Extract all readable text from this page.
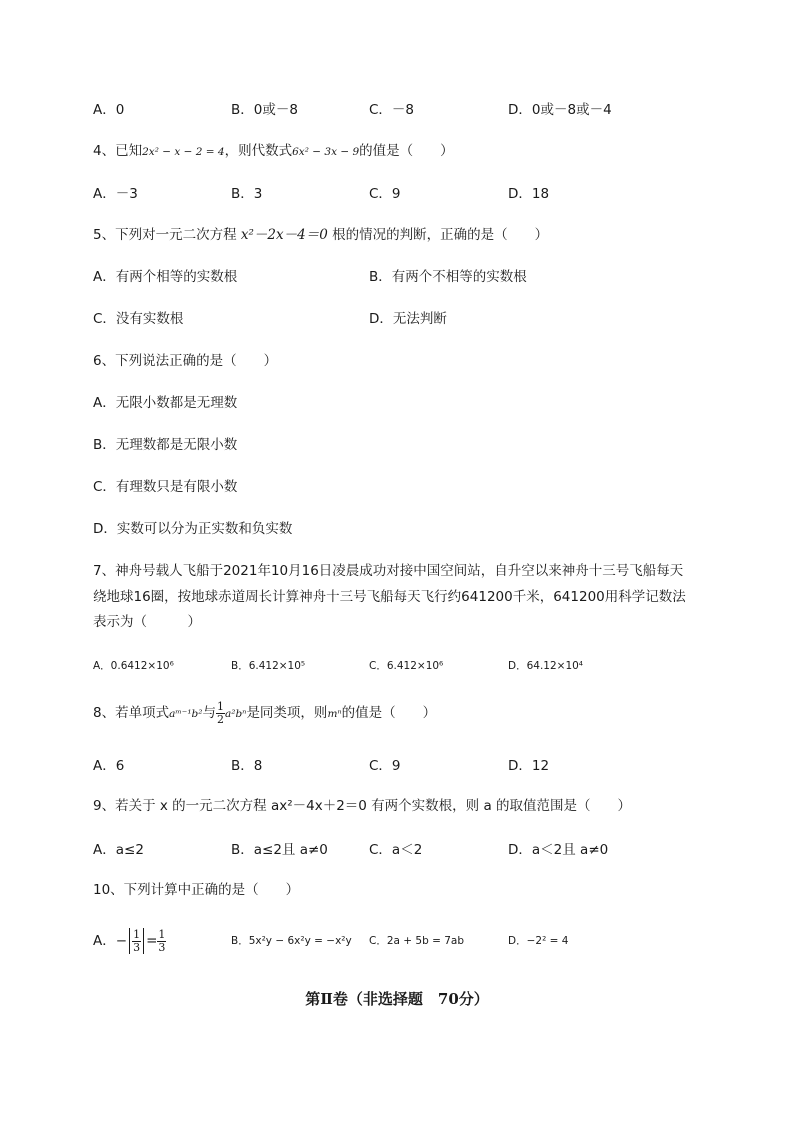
A．0	B．0或－8	C．－8	D．0或－8或－4
4、已知2x² − x − 2 = 4，则代数式6x² − 3x − 9的值是（　　）
A．－3	B．3	C．9	D．18
5、下列对一元二次方程 x²－2x－4＝0 根的情况的判断，正确的是（　　）
A．有两个相等的实数根	B．有两个不相等的实数根
C．没有实数根	D．无法判断
6、下列说法正确的是（　　）
A．无限小数都是无理数
B．无理数都是无限小数
C．有理数只是有限小数
D．实数可以分为正实数和负实数
7、神舟号载人飞船于2021年10月16日凌晨成功对接中国空间站，自升空以来神舟十三号飞船每天
绕地球16圈，按地球赤道周长计算神舟十三号飞船每天飞行约641200千米，641200用科学记数法
表示为（　　　）
A．0.6412×10⁶	B．6.412×10⁵	C．6.412×10⁶	D．64.12×10⁴
8、若单项式aᵐ⁻¹b²与 $\frac{1}{2} a^2b^n$是同类项，则mⁿ的值是（　　）
A．6	B．8	C．9	D．12
9、若关于 x 的一元二次方程 ax²－4x＋2＝0 有两个实数根，则 a 的取值范围是（　　）
A．a≤2	B．a≤2且 a≠0	C．a＜2	D．a＜2且 a≠0
10、下列计算中正确的是（　　）
A．− $\frac{1}{3} = \frac{1}{3}$	B．5x²y − 6x²y = −x²y C．2a + 5b = 7ab	D．−2² = 4
第Ⅱ卷（非选择题　70分）
